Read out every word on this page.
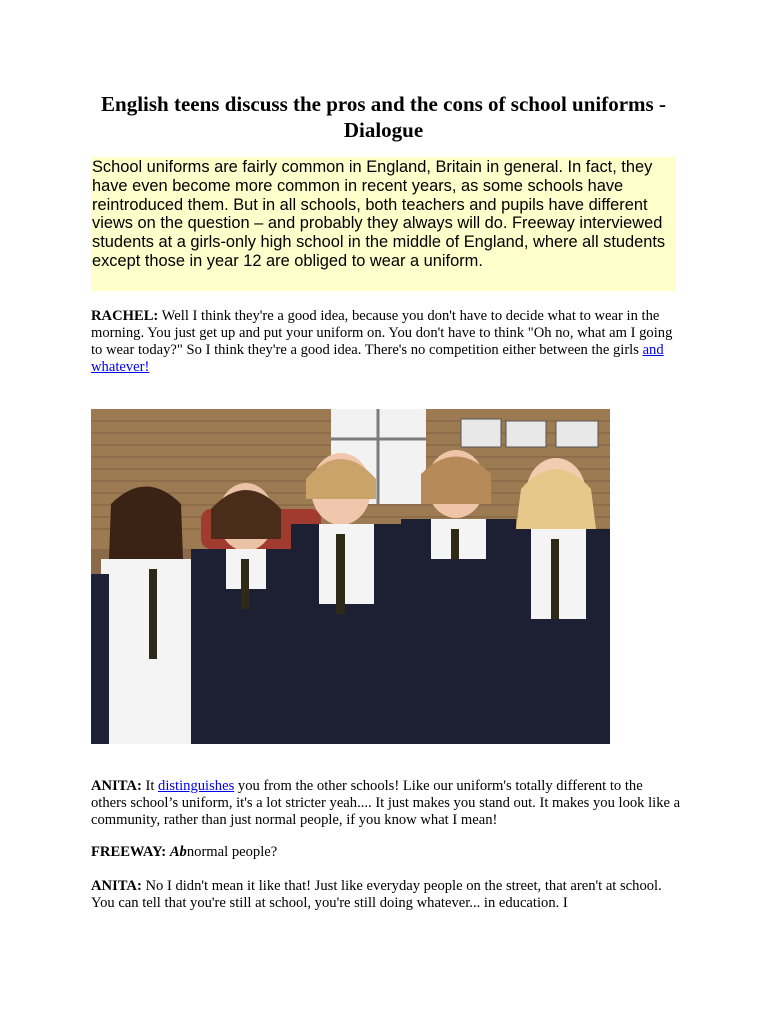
English teens discuss the pros and the cons of school uniforms - Dialogue
School uniforms are fairly common in England, Britain in general. In fact, they have even become more common in recent years, as some schools have reintroduced them. But in all schools, both teachers and pupils have different views on the question – and probably they always will do. Freeway interviewed students at a girls-only high school in the middle of England, where all students except those in year 12 are obliged to wear a uniform.

RACHEL: Well I think they're a good idea, because you don't have to decide what to wear in the morning. You just get up and put your uniform on. You don't have to think "Oh no, what am I going to wear today?" So I think they're a good idea. There's no competition either between the girls and whatever!

ANITA: It distinguishes you from the other schools! Like our uniform's totally different to the others school’s uniform, it's a lot stricter yeah.... It just makes you stand out. It makes you look like a community, rather than just normal people, if you know what I mean!

FREEWAY: Abnormal people?

ANITA: No I didn't mean it like that! Just like everyday people on the street, that aren't at school. You can tell that you're still at school, you're still doing whatever... in education. I
